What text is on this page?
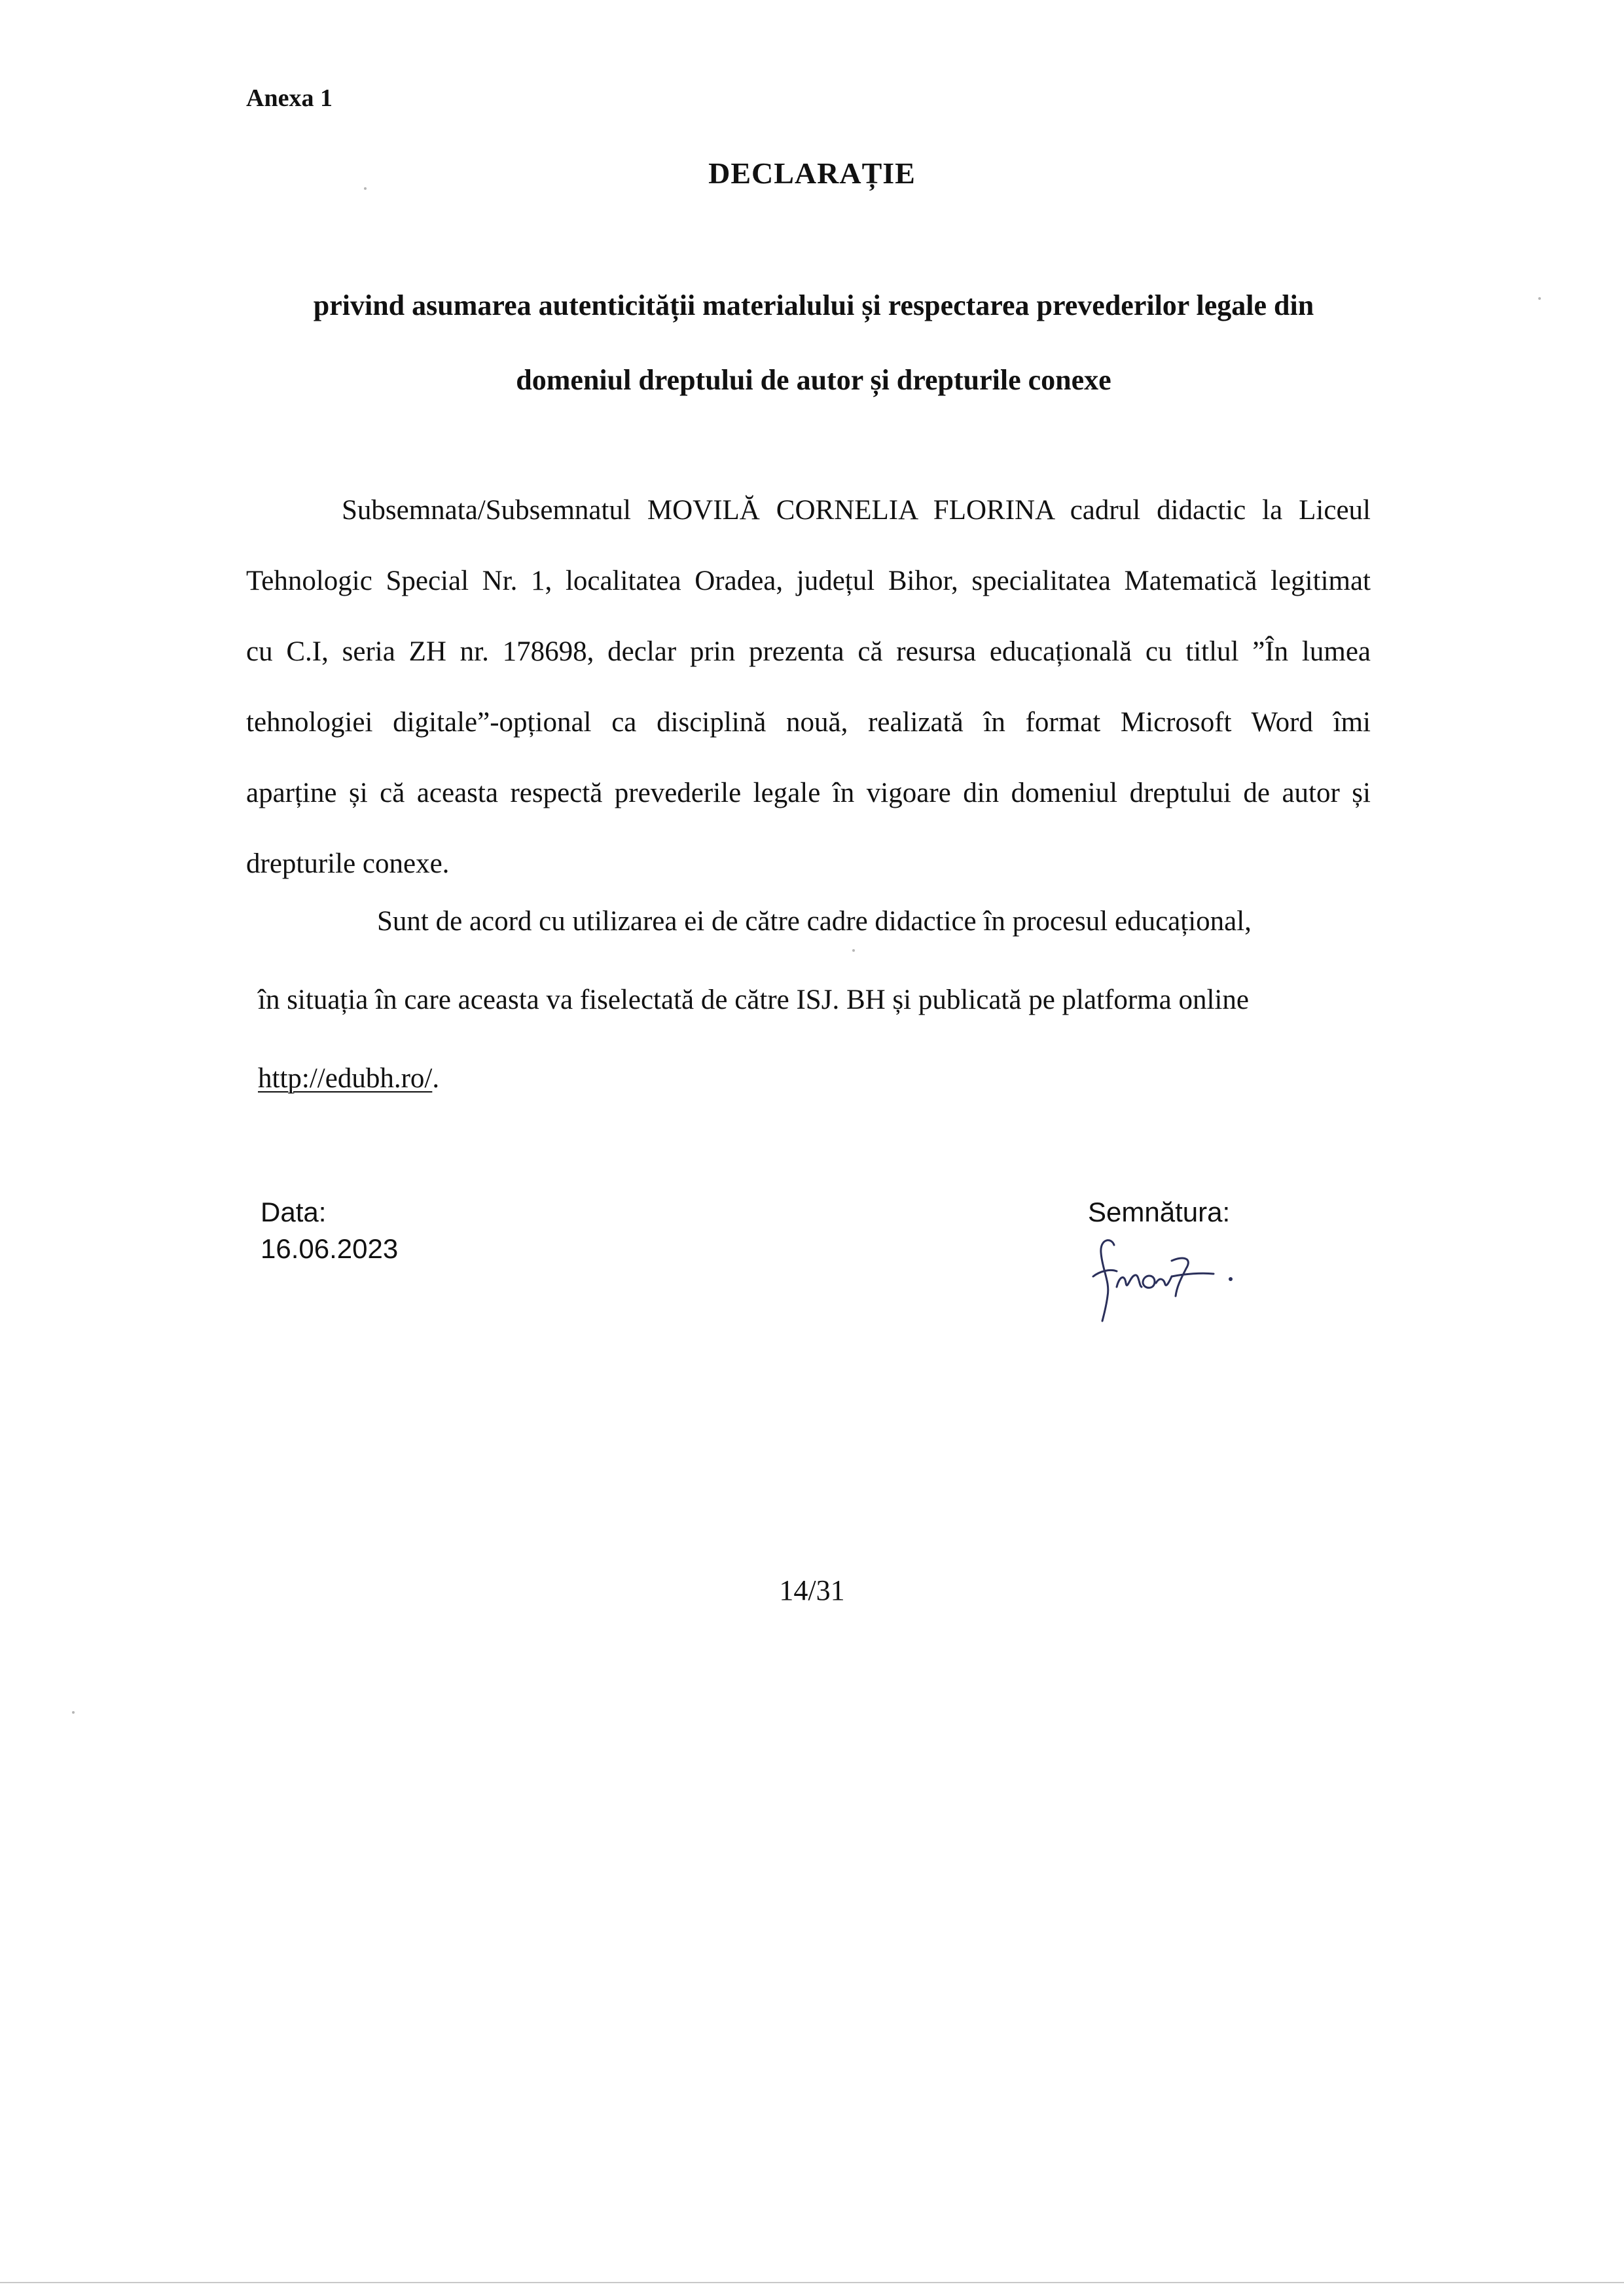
Anexa 1

DECLARAȚIE
privind asumarea autenticității materialului și respectarea prevederilor legale din
domeniul dreptului de autor și drepturile conexe
Subsemnata/Subsemnatul MOVILĂ CORNELIA FLORINA cadrul didactic la Liceul
Tehnologic Special Nr. 1, localitatea Oradea, județul Bihor, specialitatea Matematică legitimat
cu C.I, seria ZH nr. 178698, declar prin prezenta că resursa educațională cu titlul ”În lumea
tehnologiei digitale”-opțional ca disciplină nouă, realizată în format Microsoft Word îmi
aparține și că aceasta respectă prevederile legale în vigoare din domeniul dreptului de autor și
drepturile conexe.
Sunt de acord cu utilizarea ei de către cadre didactice în procesul educațional,
în situația în care aceasta va fiselectată de către ISJ. BH și publicată pe platforma online
http://edubh.ro/.
Data:
16.06.2023
Semnătura:
14/31
